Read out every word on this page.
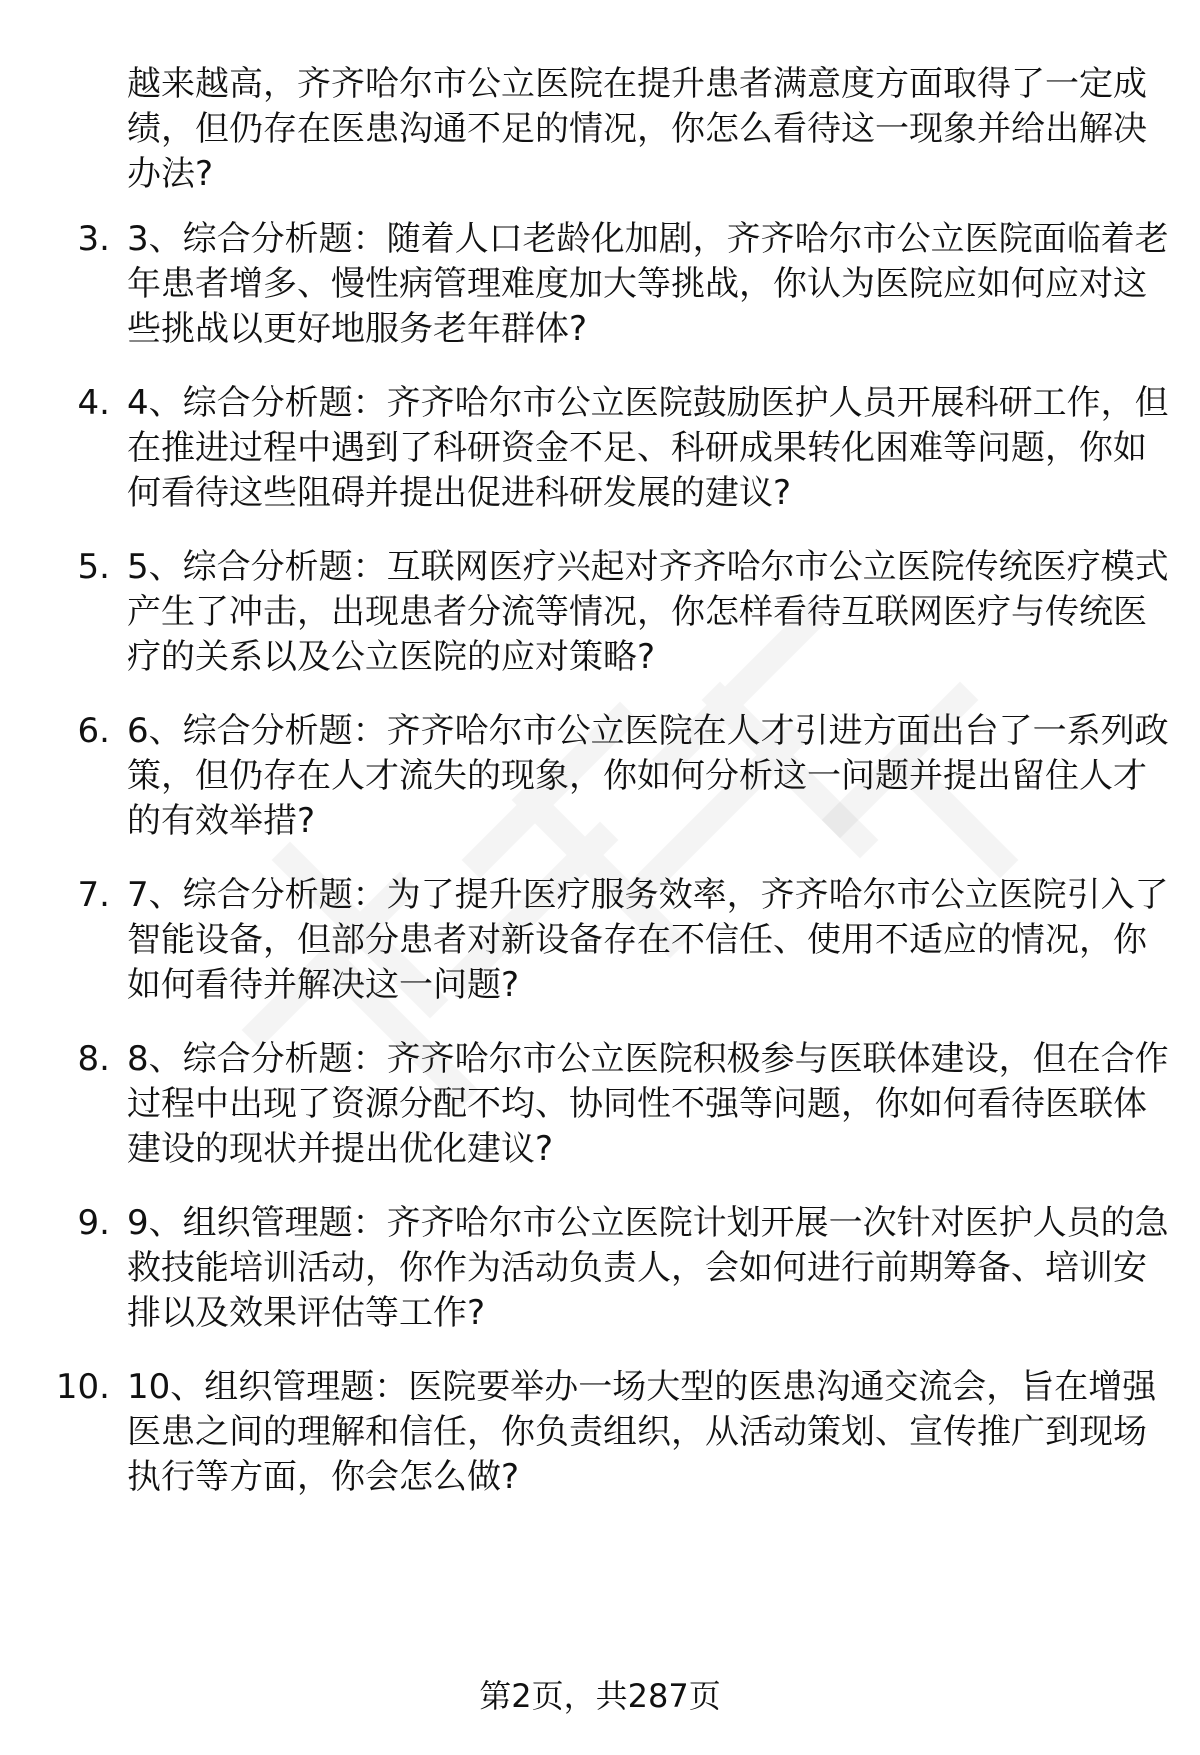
越来越高，齐齐哈尔市公立医院在提升患者满意度方面取得了一定成绩，但仍存在医患沟通不足的情况，你怎么看待这一现象并给出解决办法?
3. 3、综合分析题：随着人口老龄化加剧，齐齐哈尔市公立医院面临着老年患者增多、慢性病管理难度加大等挑战，你认为医院应如何应对这些挑战以更好地服务老年群体?
4. 4、综合分析题：齐齐哈尔市公立医院鼓励医护人员开展科研工作，但在推进过程中遇到了科研资金不足、科研成果转化困难等问题，你如何看待这些阻碍并提出促进科研发展的建议?
5. 5、综合分析题：互联网医疗兴起对齐齐哈尔市公立医院传统医疗模式产生了冲击，出现患者分流等情况，你怎样看待互联网医疗与传统医疗的关系以及公立医院的应对策略?
6. 6、综合分析题：齐齐哈尔市公立医院在人才引进方面出台了一系列政策，但仍存在人才流失的现象，你如何分析这一问题并提出留住人才的有效举措?
7. 7、综合分析题：为了提升医疗服务效率，齐齐哈尔市公立医院引入了智能设备，但部分患者对新设备存在不信任、使用不适应的情况，你如何看待并解决这一问题?
8. 8、综合分析题：齐齐哈尔市公立医院积极参与医联体建设，但在合作过程中出现了资源分配不均、协同性不强等问题，你如何看待医联体建设的现状并提出优化建议?
9. 9、组织管理题：齐齐哈尔市公立医院计划开展一次针对医护人员的急救技能培训活动，你作为活动负责人，会如何进行前期筹备、培训安排以及效果评估等工作?
10. 10、组织管理题：医院要举办一场大型的医患沟通交流会，旨在增强医患之间的理解和信任，你负责组织，从活动策划、宣传推广到现场执行等方面，你会怎么做?
第2页，共287页
